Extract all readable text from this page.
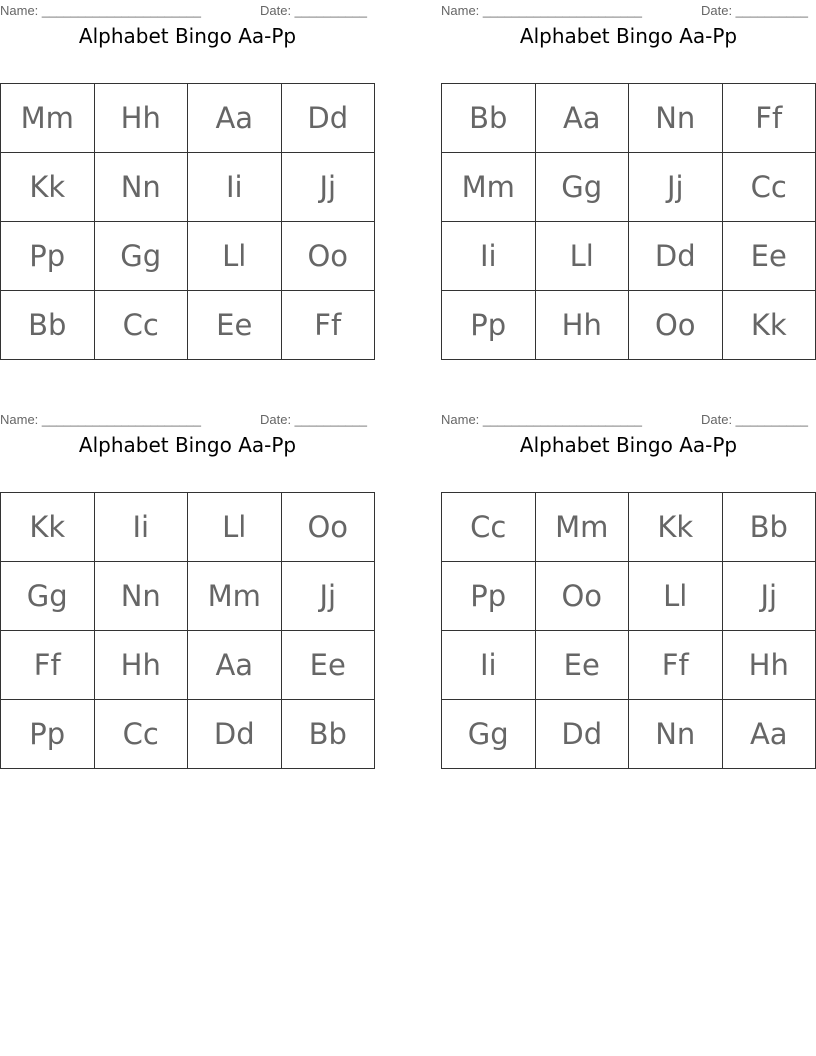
Name: ______________________	Date: __________
Alphabet Bingo Aa-Pp
Mm	Hh	Aa	Dd
Kk	Nn	Ii	Jj
Pp	Gg	Ll	Oo
Bb	Cc	Ee	Ff
Name: ______________________	Date: __________
Alphabet Bingo Aa-Pp
Bb	Aa	Nn	Ff
Mm	Gg	Jj	Cc
Ii	Ll	Dd	Ee
Pp	Hh	Oo	Kk
Name: ______________________	Date: __________
Alphabet Bingo Aa-Pp
Kk	Ii	Ll	Oo
Gg	Nn	Mm	Jj
Ff	Hh	Aa	Ee
Pp	Cc	Dd	Bb
Name: ______________________	Date: __________
Alphabet Bingo Aa-Pp
Cc	Mm	Kk	Bb
Pp	Oo	Ll	Jj
Ii	Ee	Ff	Hh
Gg	Dd	Nn	Aa
